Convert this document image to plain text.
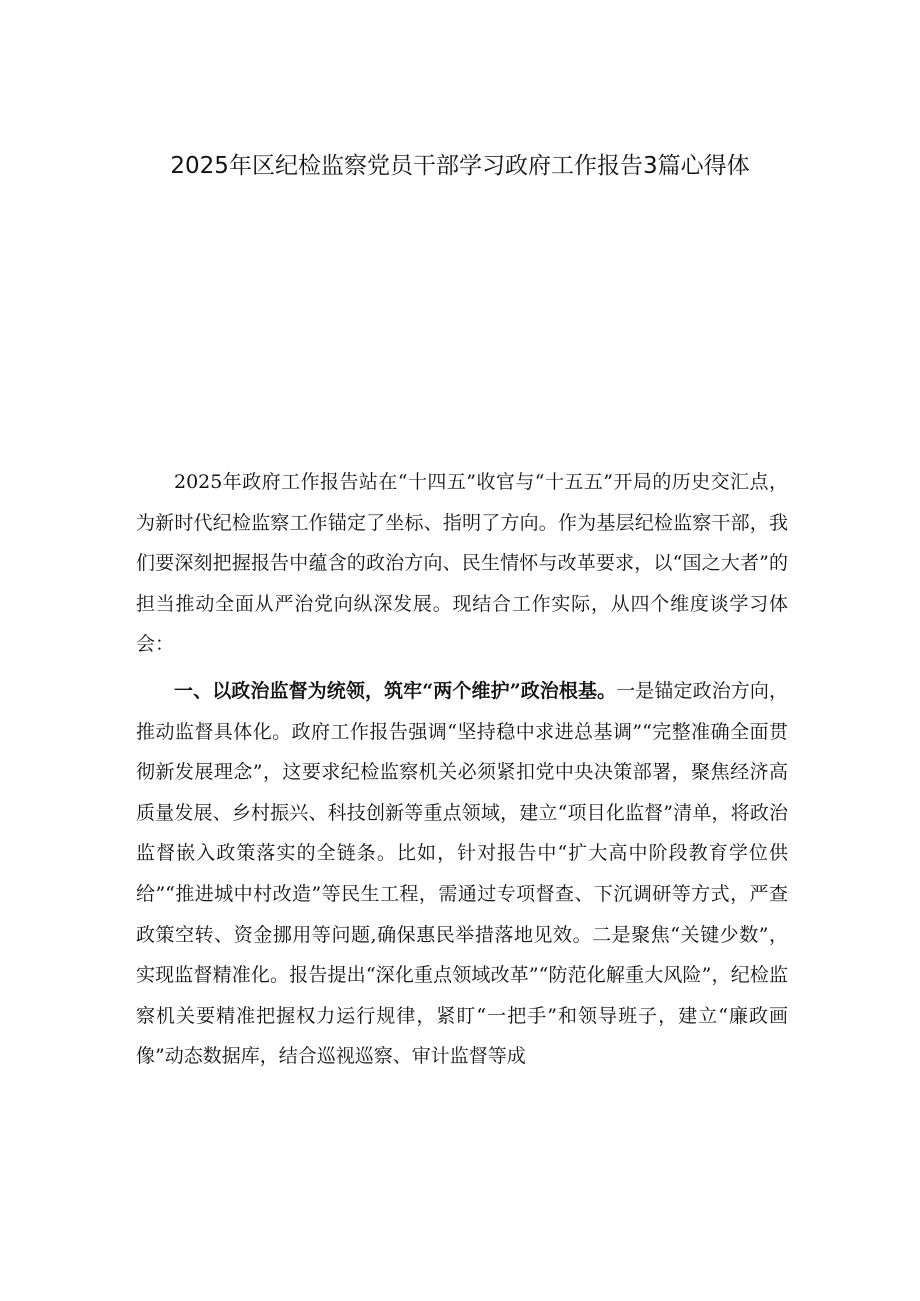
2025年区纪检监察党员干部学习政府工作报告3篇心得体

2025年政府工作报告站在“十四五”收官与“十五五”开局的历史交汇点，为新时代纪检监察工作锚定了坐标、指明了方向。作为基层纪检监察干部，我们要深刻把握报告中蕴含的政治方向、民生情怀与改革要求，以“国之大者”的担当推动全面从严治党向纵深发展。现结合工作实际，从四个维度谈学习体会：

一、以政治监督为统领，筑牢“两个维护”政治根基。一是锚定政治方向，推动监督具体化。政府工作报告强调“坚持稳中求进总基调”“完整准确全面贯彻新发展理念”，这要求纪检监察机关必须紧扣党中央决策部署，聚焦经济高质量发展、乡村振兴、科技创新等重点领域，建立“项目化监督”清单，将政治监督嵌入政策落实的全链条。比如，针对报告中“扩大高中阶段教育学位供给”“推进城中村改造”等民生工程，需通过专项督查、下沉调研等方式，严查政策空转、资金挪用等问题,确保惠民举措落地见效。二是聚焦“关键少数”，实现监督精准化。报告提出“深化重点领域改革”“防范化解重大风险”，纪检监察机关要精准把握权力运行规律，紧盯“一把手”和领导班子，建立“廉政画像”动态数据库，结合巡视巡察、审计监督等成
